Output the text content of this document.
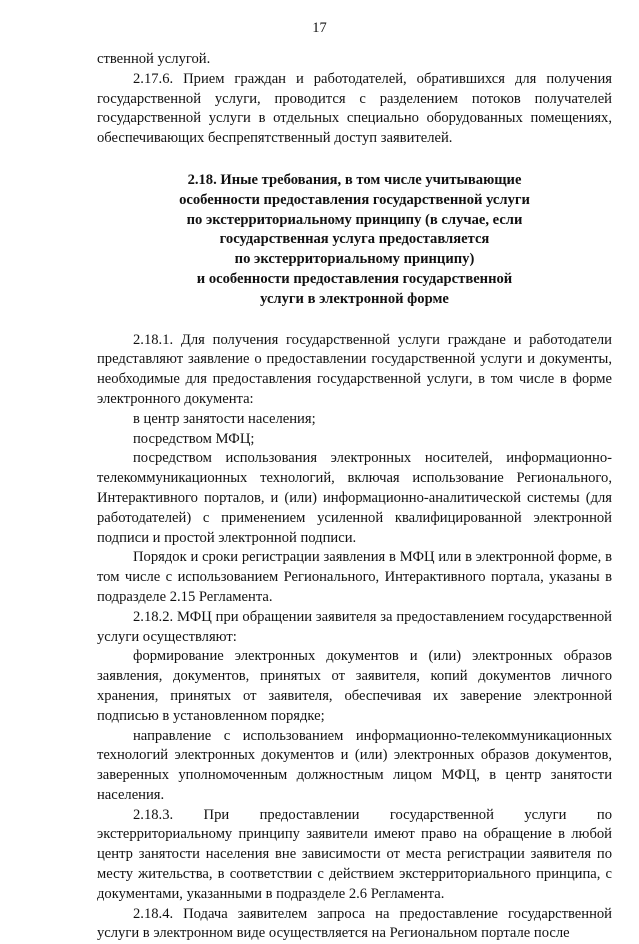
17

ственной услугой.

2.17.6. Прием граждан и работодателей, обратившихся для получения государственной услуги, проводится с разделением потоков получателей государственной услуги в отдельных специально оборудованных помещениях, обеспечивающих беспрепятственный доступ заявителей.

2.18. Иные требования, в том числе учитывающие
особенности предоставления государственной услуги
по экстерриториальному принципу (в случае, если
государственная услуга предоставляется
по экстерриториальному принципу)
и особенности предоставления государственной
услуги в электронной форме

2.18.1. Для получения государственной услуги граждане и работодатели представляют заявление о предоставлении государственной услуги и документы, необходимые для предоставления государственной услуги, в том числе в форме электронного документа:

в центр занятости населения;

посредством МФЦ;

посредством использования электронных носителей, информационно-телекоммуникационных технологий, включая использование Регионального, Интерактивного порталов, и (или) информационно-аналитической системы (для работодателей) с применением усиленной квалифицированной электронной подписи и простой электронной подписи.

Порядок и сроки регистрации заявления в МФЦ или в электронной форме, в том числе с использованием Регионального, Интерактивного портала, указаны в подразделе 2.15 Регламента.

2.18.2. МФЦ при обращении заявителя за предоставлением государственной услуги осуществляют:

формирование электронных документов и (или) электронных образов заявления, документов, принятых от заявителя, копий документов личного хранения, принятых от заявителя, обеспечивая их заверение электронной подписью в установленном порядке;

направление с использованием информационно-телекоммуникационных технологий электронных документов и (или) электронных образов документов, заверенных уполномоченным должностным лицом МФЦ, в центр занятости населения.

2.18.3. При предоставлении государственной услуги по экстерриториальному принципу заявители имеют право на обращение в любой центр занятости населения вне зависимости от места регистрации заявителя по месту жительства, в соответствии с действием экстерриториального принципа, с документами, указанными в подразделе 2.6 Регламента.

2.18.4. Подача заявителем запроса на предоставление государственной услуги в электронном виде осуществляется на Региональном портале после
